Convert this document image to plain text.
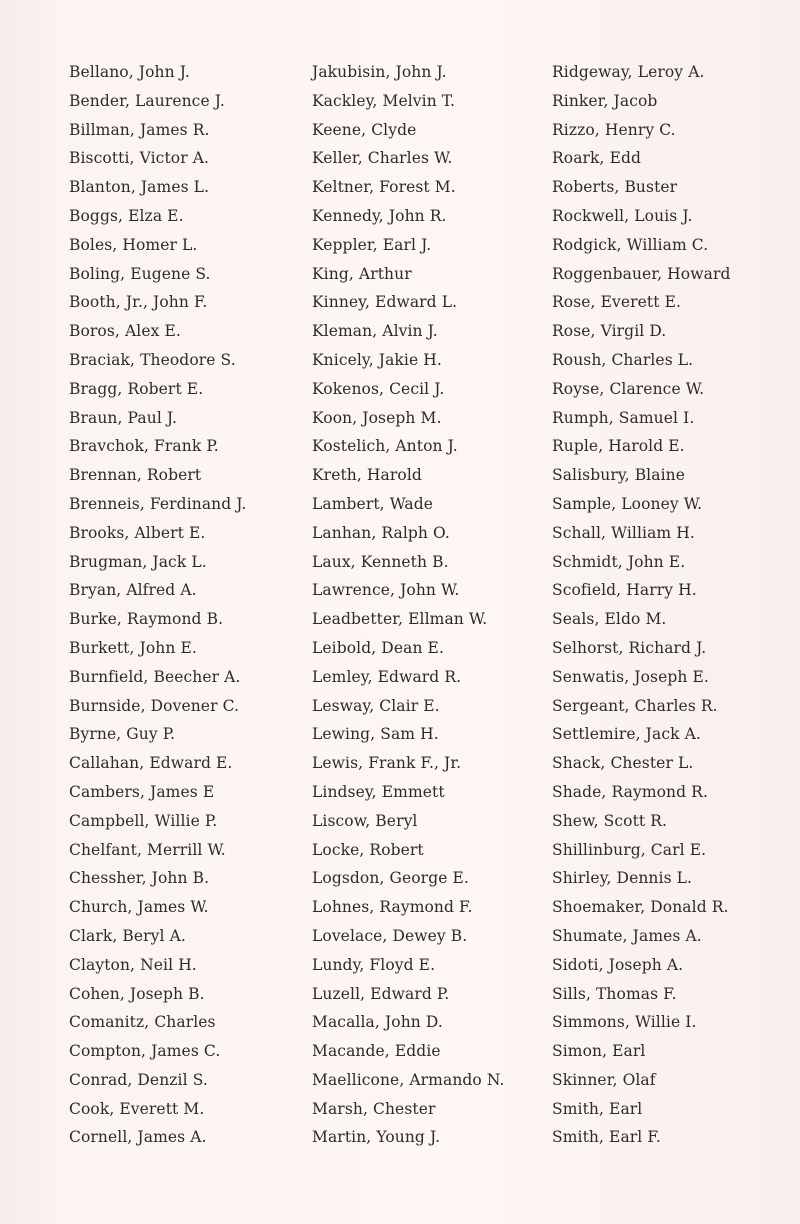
Bellano, John J.
Bender, Laurence J.
Billman, James R.
Biscotti, Victor A.
Blanton, James L.
Boggs, Elza E.
Boles, Homer L.
Boling, Eugene S.
Booth, Jr., John F.
Boros, Alex E.
Braciak, Theodore S.
Bragg, Robert E.
Braun, Paul J.
Bravchok, Frank P.
Brennan, Robert
Brenneis, Ferdinand J.
Brooks, Albert E.
Brugman, Jack L.
Bryan, Alfred A.
Burke, Raymond B.
Burkett, John E.
Burnfield, Beecher A.
Burnside, Dovener C.
Byrne, Guy P.
Callahan, Edward E.
Cambers, James E
Campbell, Willie P.
Chelfant, Merrill W.
Chessher, John B.
Church, James W.
Clark, Beryl A.
Clayton, Neil H.
Cohen, Joseph B.
Comanitz, Charles
Compton, James C.
Conrad, Denzil S.
Cook, Everett M.
Cornell, James A.
Jakubisin, John J.
Kackley, Melvin T.
Keene, Clyde
Keller, Charles W.
Keltner, Forest M.
Kennedy, John R.
Keppler, Earl J.
King, Arthur
Kinney, Edward L.
Kleman, Alvin J.
Knicely, Jakie H.
Kokenos, Cecil J.
Koon, Joseph M.
Kostelich, Anton J.
Kreth, Harold
Lambert, Wade
Lanhan, Ralph O.
Laux, Kenneth B.
Lawrence, John W.
Leadbetter, Ellman W.
Leibold, Dean E.
Lemley, Edward R.
Lesway, Clair E.
Lewing, Sam H.
Lewis, Frank F., Jr.
Lindsey, Emmett
Liscow, Beryl
Locke, Robert
Logsdon, George E.
Lohnes, Raymond F.
Lovelace, Dewey B.
Lundy, Floyd E.
Luzell, Edward P.
Macalla, John D.
Macande, Eddie
Maellicone, Armando N.
Marsh, Chester
Martin, Young J.
Ridgeway, Leroy A.
Rinker, Jacob
Rizzo, Henry C.
Roark, Edd
Roberts, Buster
Rockwell, Louis J.
Rodgick, William C.
Roggenbauer, Howard
Rose, Everett E.
Rose, Virgil D.
Roush, Charles L.
Royse, Clarence W.
Rumph, Samuel I.
Ruple, Harold E.
Salisbury, Blaine
Sample, Looney W.
Schall, William H.
Schmidt, John E.
Scofield, Harry H.
Seals, Eldo M.
Selhorst, Richard J.
Senwatis, Joseph E.
Sergeant, Charles R.
Settlemire, Jack A.
Shack, Chester L.
Shade, Raymond R.
Shew, Scott R.
Shillinburg, Carl E.
Shirley, Dennis L.
Shoemaker, Donald R.
Shumate, James A.
Sidoti, Joseph A.
Sills, Thomas F.
Simmons, Willie I.
Simon, Earl
Skinner, Olaf
Smith, Earl
Smith, Earl F.
